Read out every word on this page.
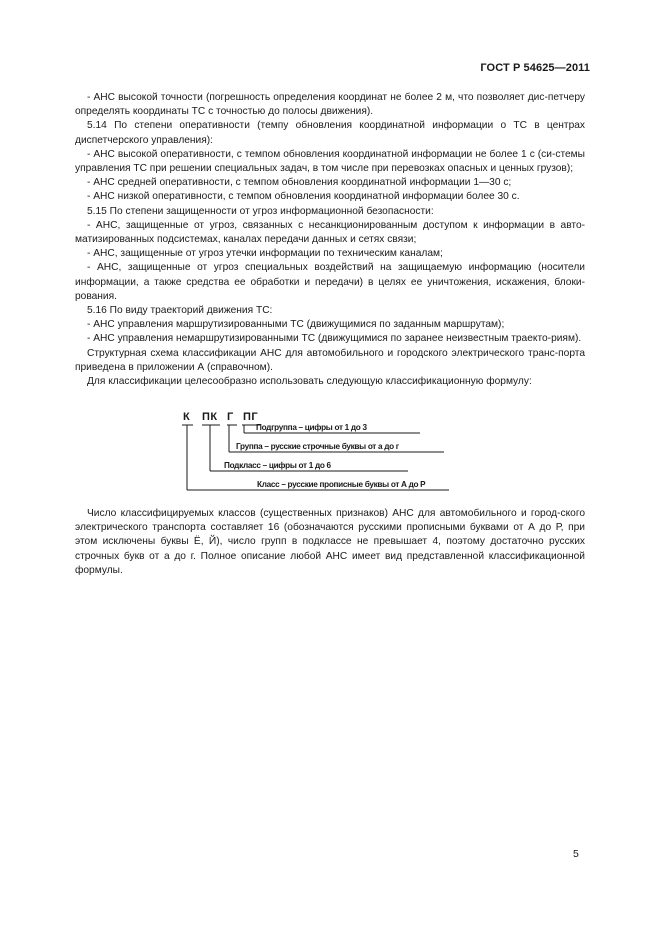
ГОСТ Р 54625—2011

- АНС высокой точности (погрешность определения координат не более 2 м, что позволяет дис-петчеру определять координаты ТС с точностью до полосы движения).

5.14 По степени оперативности (темпу обновления координатной информации о ТС в центрах диспетчерского управления):

- АНС высокой оперативности, с темпом обновления координатной информации не более 1 с (си-стемы управления ТС при решении специальных задач, в том числе при перевозках опасных и ценных грузов);

- АНС средней оперативности, с темпом обновления координатной информации 1—30 с;

- АНС низкой оперативности, с темпом обновления координатной информации более 30 с.

5.15 По степени защищенности от угроз информационной безопасности:

- АНС, защищенные от угроз, связанных с несанкционированным доступом к информации в авто-матизированных подсистемах, каналах передачи данных и сетях связи;

- АНС, защищенные от угроз утечки информации по техническим каналам;

- АНС, защищенные от угроз специальных воздействий на защищаемую информацию (носители информации, а также средства ее обработки и передачи) в целях ее уничтожения, искажения, блоки-рования.

5.16 По виду траекторий движения ТС:

- АНС управления маршрутизированными ТС (движущимися по заданным маршрутам);

- АНС управления немаршрутизированными ТС (движущимися по заранее неизвестным траекто-риям).

Структурная схема классификации АНС для автомобильного и городского электрического транс-порта приведена в приложении А (справочном).

Для классификации целесообразно использовать следующую классификационную формулу:

К ПК Г ПГ
Подгруппа – цифры от 1 до 3
Группа – русские строчные буквы от а до г
Подкласс – цифры от 1 до 6
Класс – русские прописные буквы от А до Р

Число классифицируемых классов (существенных признаков) АНС для автомобильного и город-ского электрического транспорта составляет 16 (обозначаются русскими прописными буквами от А до Р, при этом исключены буквы Ё, Й), число групп в подклассе не превышает 4, поэтому достаточно русских строчных букв от а до г. Полное описание любой АНС имеет вид представленной классификационной формулы.

5
